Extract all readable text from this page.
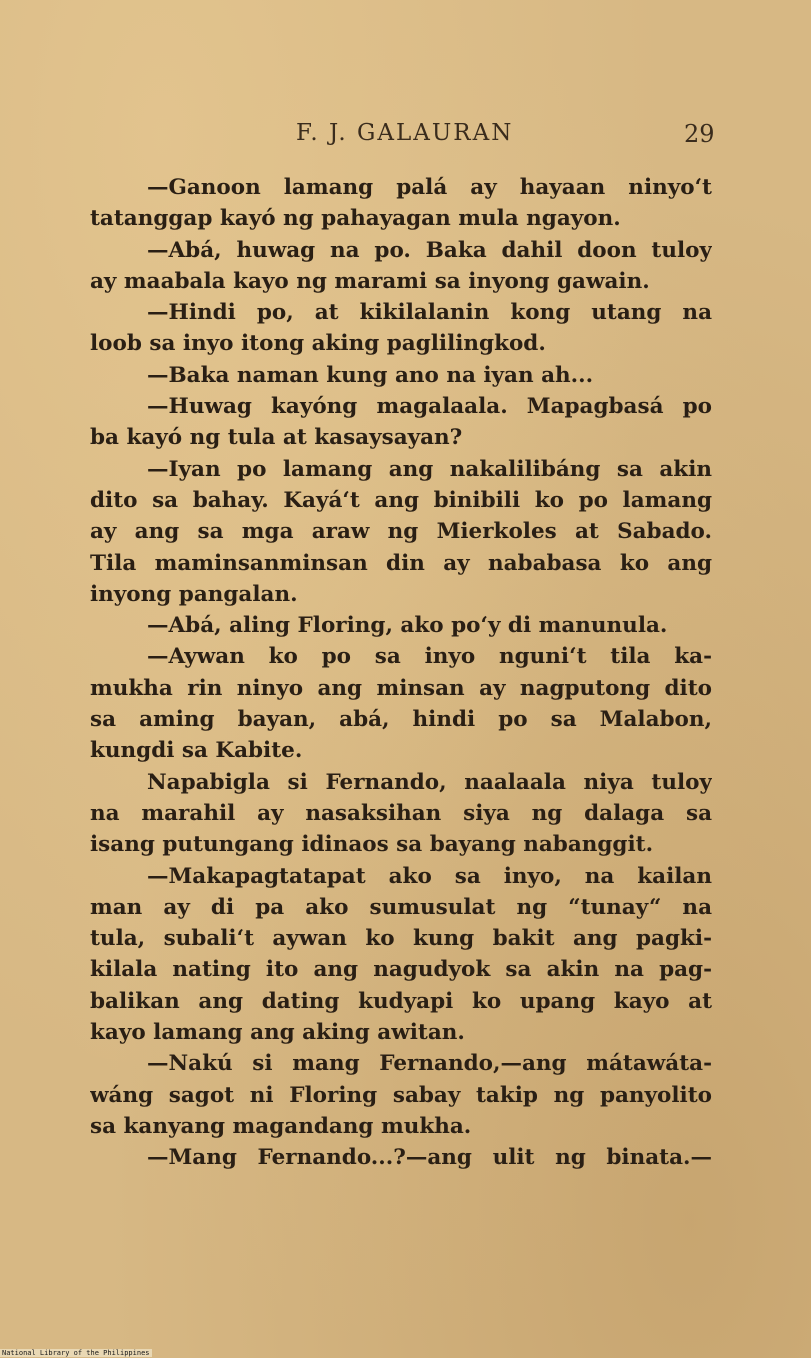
F. J. GALAURAN	29
—Ganoon lamang palá ay hayaan ninyo‘t
tatanggap kayó ng pahayagan mula ngayon.
—Abá, huwag na po. Baka dahil doon tuloy
ay maabala kayo ng marami sa inyong gawain.
—Hindi po, at kikilalanin kong utang na
loob sa inyo itong aking paglilingkod.
—Baka naman kung ano na iyan ah...
—Huwag kayóng magalaala. Mapagbasá po
ba kayó ng tula at kasaysayan?
—Iyan po lamang ang nakalilibáng sa akin
dito sa bahay. Kayá‘t ang binibili ko po lamang
ay ang sa mga araw ng Mierkoles at Sabado.
Tila maminsanminsan din ay nababasa ko ang
inyong pangalan.
—Abá, aling Floring, ako po‘y di manunula.
—Aywan ko po sa inyo nguni‘t tila ka-
mukha rin ninyo ang minsan ay nagputong dito
sa aming bayan, abá, hindi po sa Malabon,
kungdi sa Kabite.
Napabigla si Fernando, naalaala niya tuloy
na marahil ay nasaksihan siya ng dalaga sa
isang putungang idinaos sa bayang nabanggit.
—Makapagtatapat ako sa inyo, na kailan
man ay di pa ako sumusulat ng “tunay“ na
tula, subali‘t aywan ko kung bakit ang pagki-
kilala nating ito ang nagudyok sa akin na pag-
balikan ang dating kudyapi ko upang kayo at
kayo lamang ang aking awitan.
—Nakú si mang Fernando,—ang mátawáta-
wáng sagot ni Floring sabay takip ng panyolito
sa kanyang magandang mukha.
—Mang Fernando...?—ang ulit ng binata.—
National Library of the Philippines
